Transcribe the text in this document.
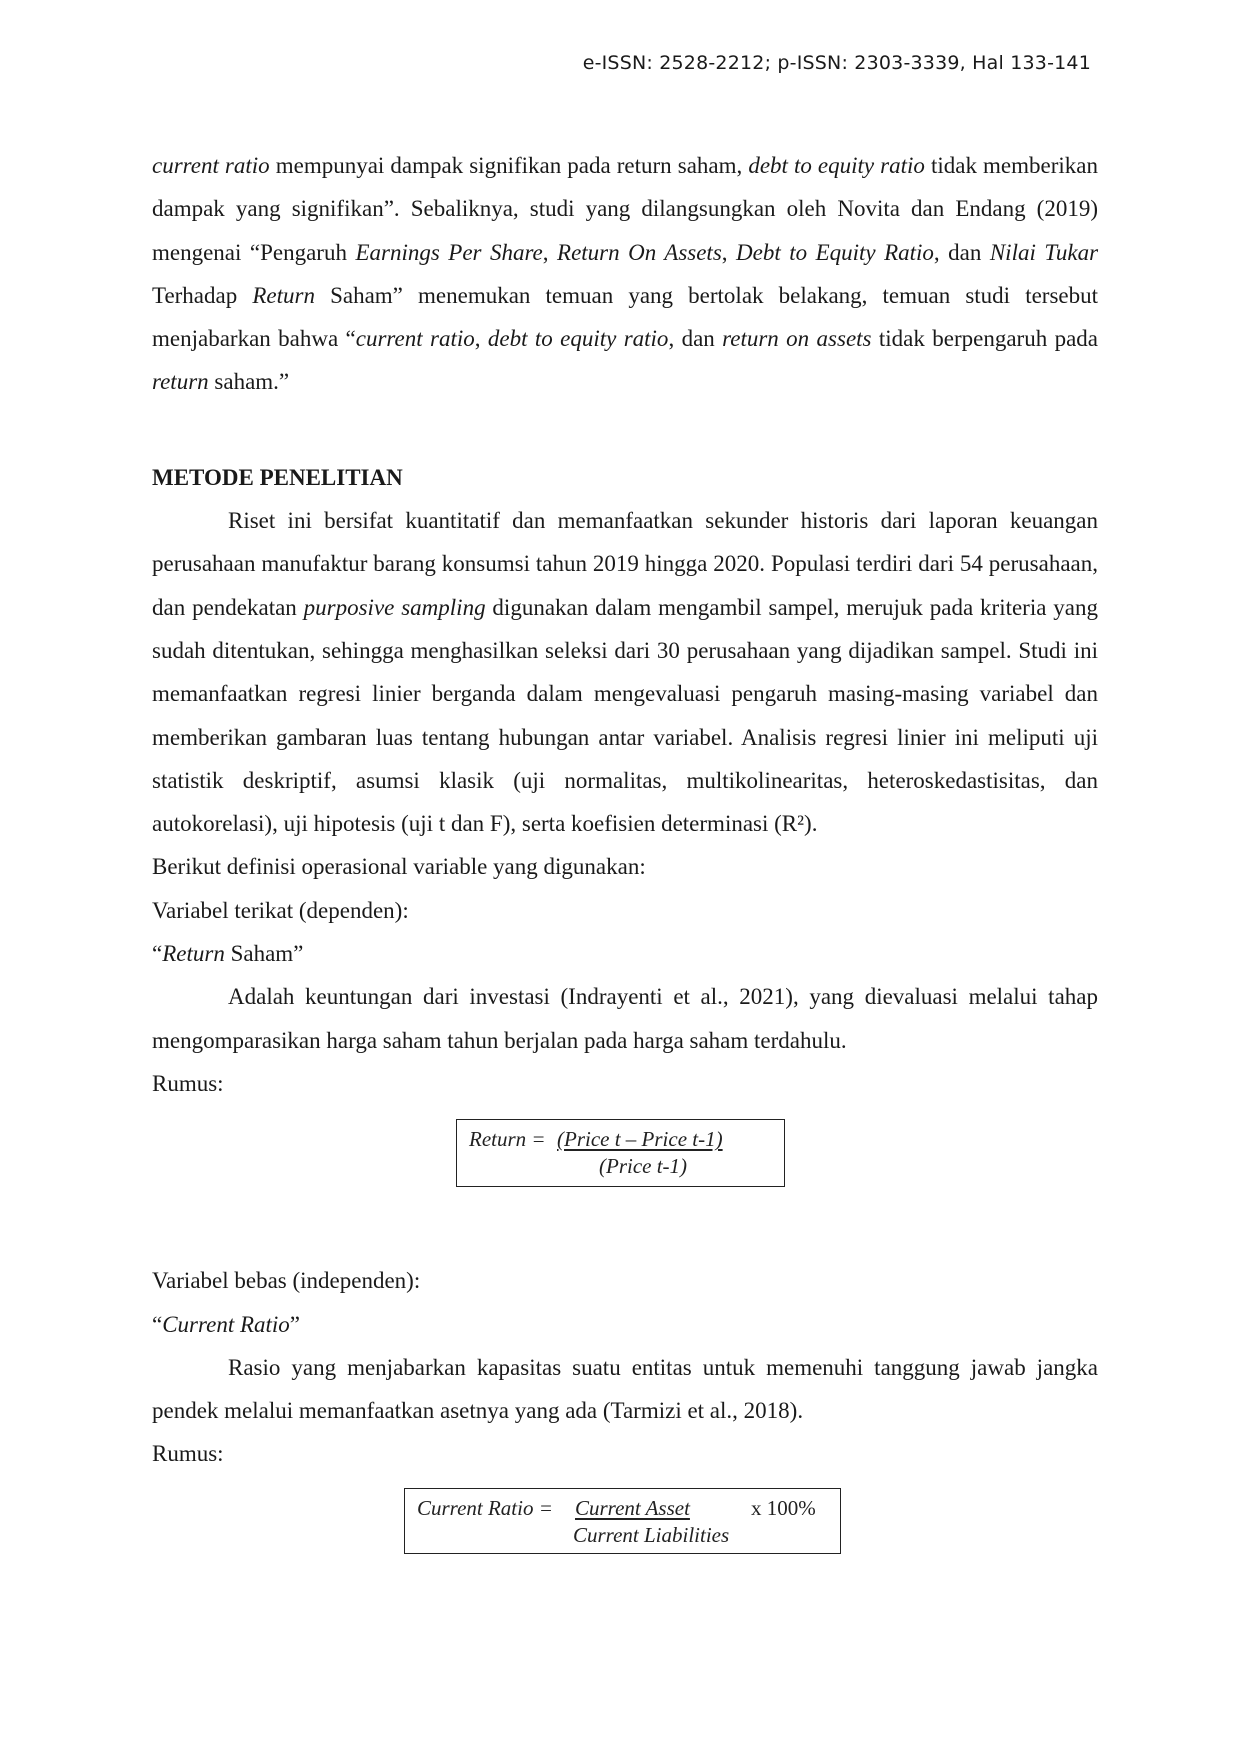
e-ISSN: 2528-2212; p-ISSN: 2303-3339, Hal 133-141

current ratio mempunyai dampak signifikan pada return saham, debt to equity ratio tidak memberikan dampak yang signifikan”. Sebaliknya, studi yang dilangsungkan oleh Novita dan Endang (2019) mengenai “Pengaruh Earnings Per Share, Return On Assets, Debt to Equity Ratio, dan Nilai Tukar Terhadap Return Saham” menemukan temuan yang bertolak belakang, temuan studi tersebut menjabarkan bahwa “current ratio, debt to equity ratio, dan return on assets tidak berpengaruh pada return saham.”

METODE PENELITIAN

Riset ini bersifat kuantitatif dan memanfaatkan sekunder historis dari laporan keuangan perusahaan manufaktur barang konsumsi tahun 2019 hingga 2020. Populasi terdiri dari 54 perusahaan, dan pendekatan purposive sampling digunakan dalam mengambil sampel, merujuk pada kriteria yang sudah ditentukan, sehingga menghasilkan seleksi dari 30 perusahaan yang dijadikan sampel. Studi ini memanfaatkan regresi linier berganda dalam mengevaluasi pengaruh masing-masing variabel dan memberikan gambaran luas tentang hubungan antar variabel. Analisis regresi linier ini meliputi uji statistik deskriptif, asumsi klasik (uji normalitas, multikolinearitas, heteroskedastisitas, dan autokorelasi), uji hipotesis (uji t dan F), serta koefisien determinasi (R²).

Berikut definisi operasional variable yang digunakan:

Variabel terikat (dependen):

“Return Saham”

Adalah keuntungan dari investasi (Indrayenti et al., 2021), yang dievaluasi melalui tahap mengomparasikan harga saham tahun berjalan pada harga saham terdahulu.

Rumus:

Return = (Price t – Price t-1)
(Price t-1)

Variabel bebas (independen):

“Current Ratio”

Rasio yang menjabarkan kapasitas suatu entitas untuk memenuhi tanggung jawab jangka pendek melalui memanfaatkan asetnya yang ada (Tarmizi et al., 2018).

Rumus:

Current Ratio = Current Asset	x 100%
Current Liabilities
